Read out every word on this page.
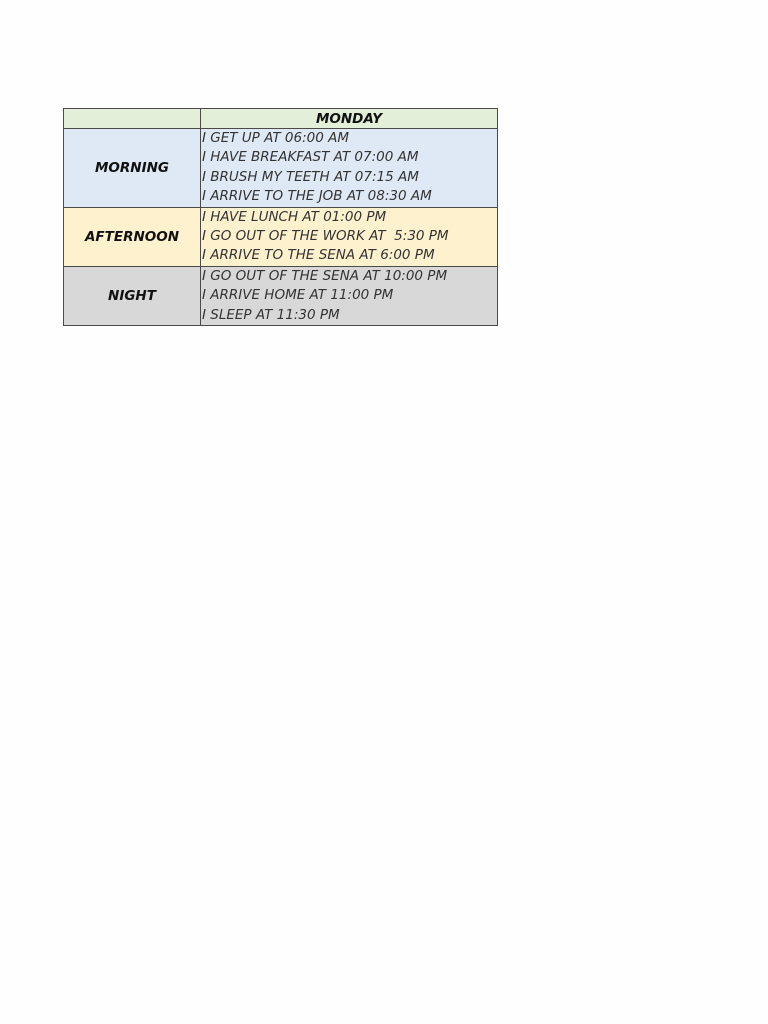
	MONDAY
MORNING	I GET UP AT 06:00 AM
I HAVE BREAKFAST AT 07:00 AM
I BRUSH MY TEETH AT 07:15 AM
I ARRIVE TO THE JOB AT 08:30 AM

AFTERNOON	I HAVE LUNCH AT 01:00 PM
I GO OUT OF THE WORK AT  5:30 PM
I ARRIVE TO THE SENA AT 6:00 PM

NIGHT	I GO OUT OF THE SENA AT 10:00 PM
I ARRIVE HOME AT 11:00 PM
I SLEEP AT 11:30 PM
